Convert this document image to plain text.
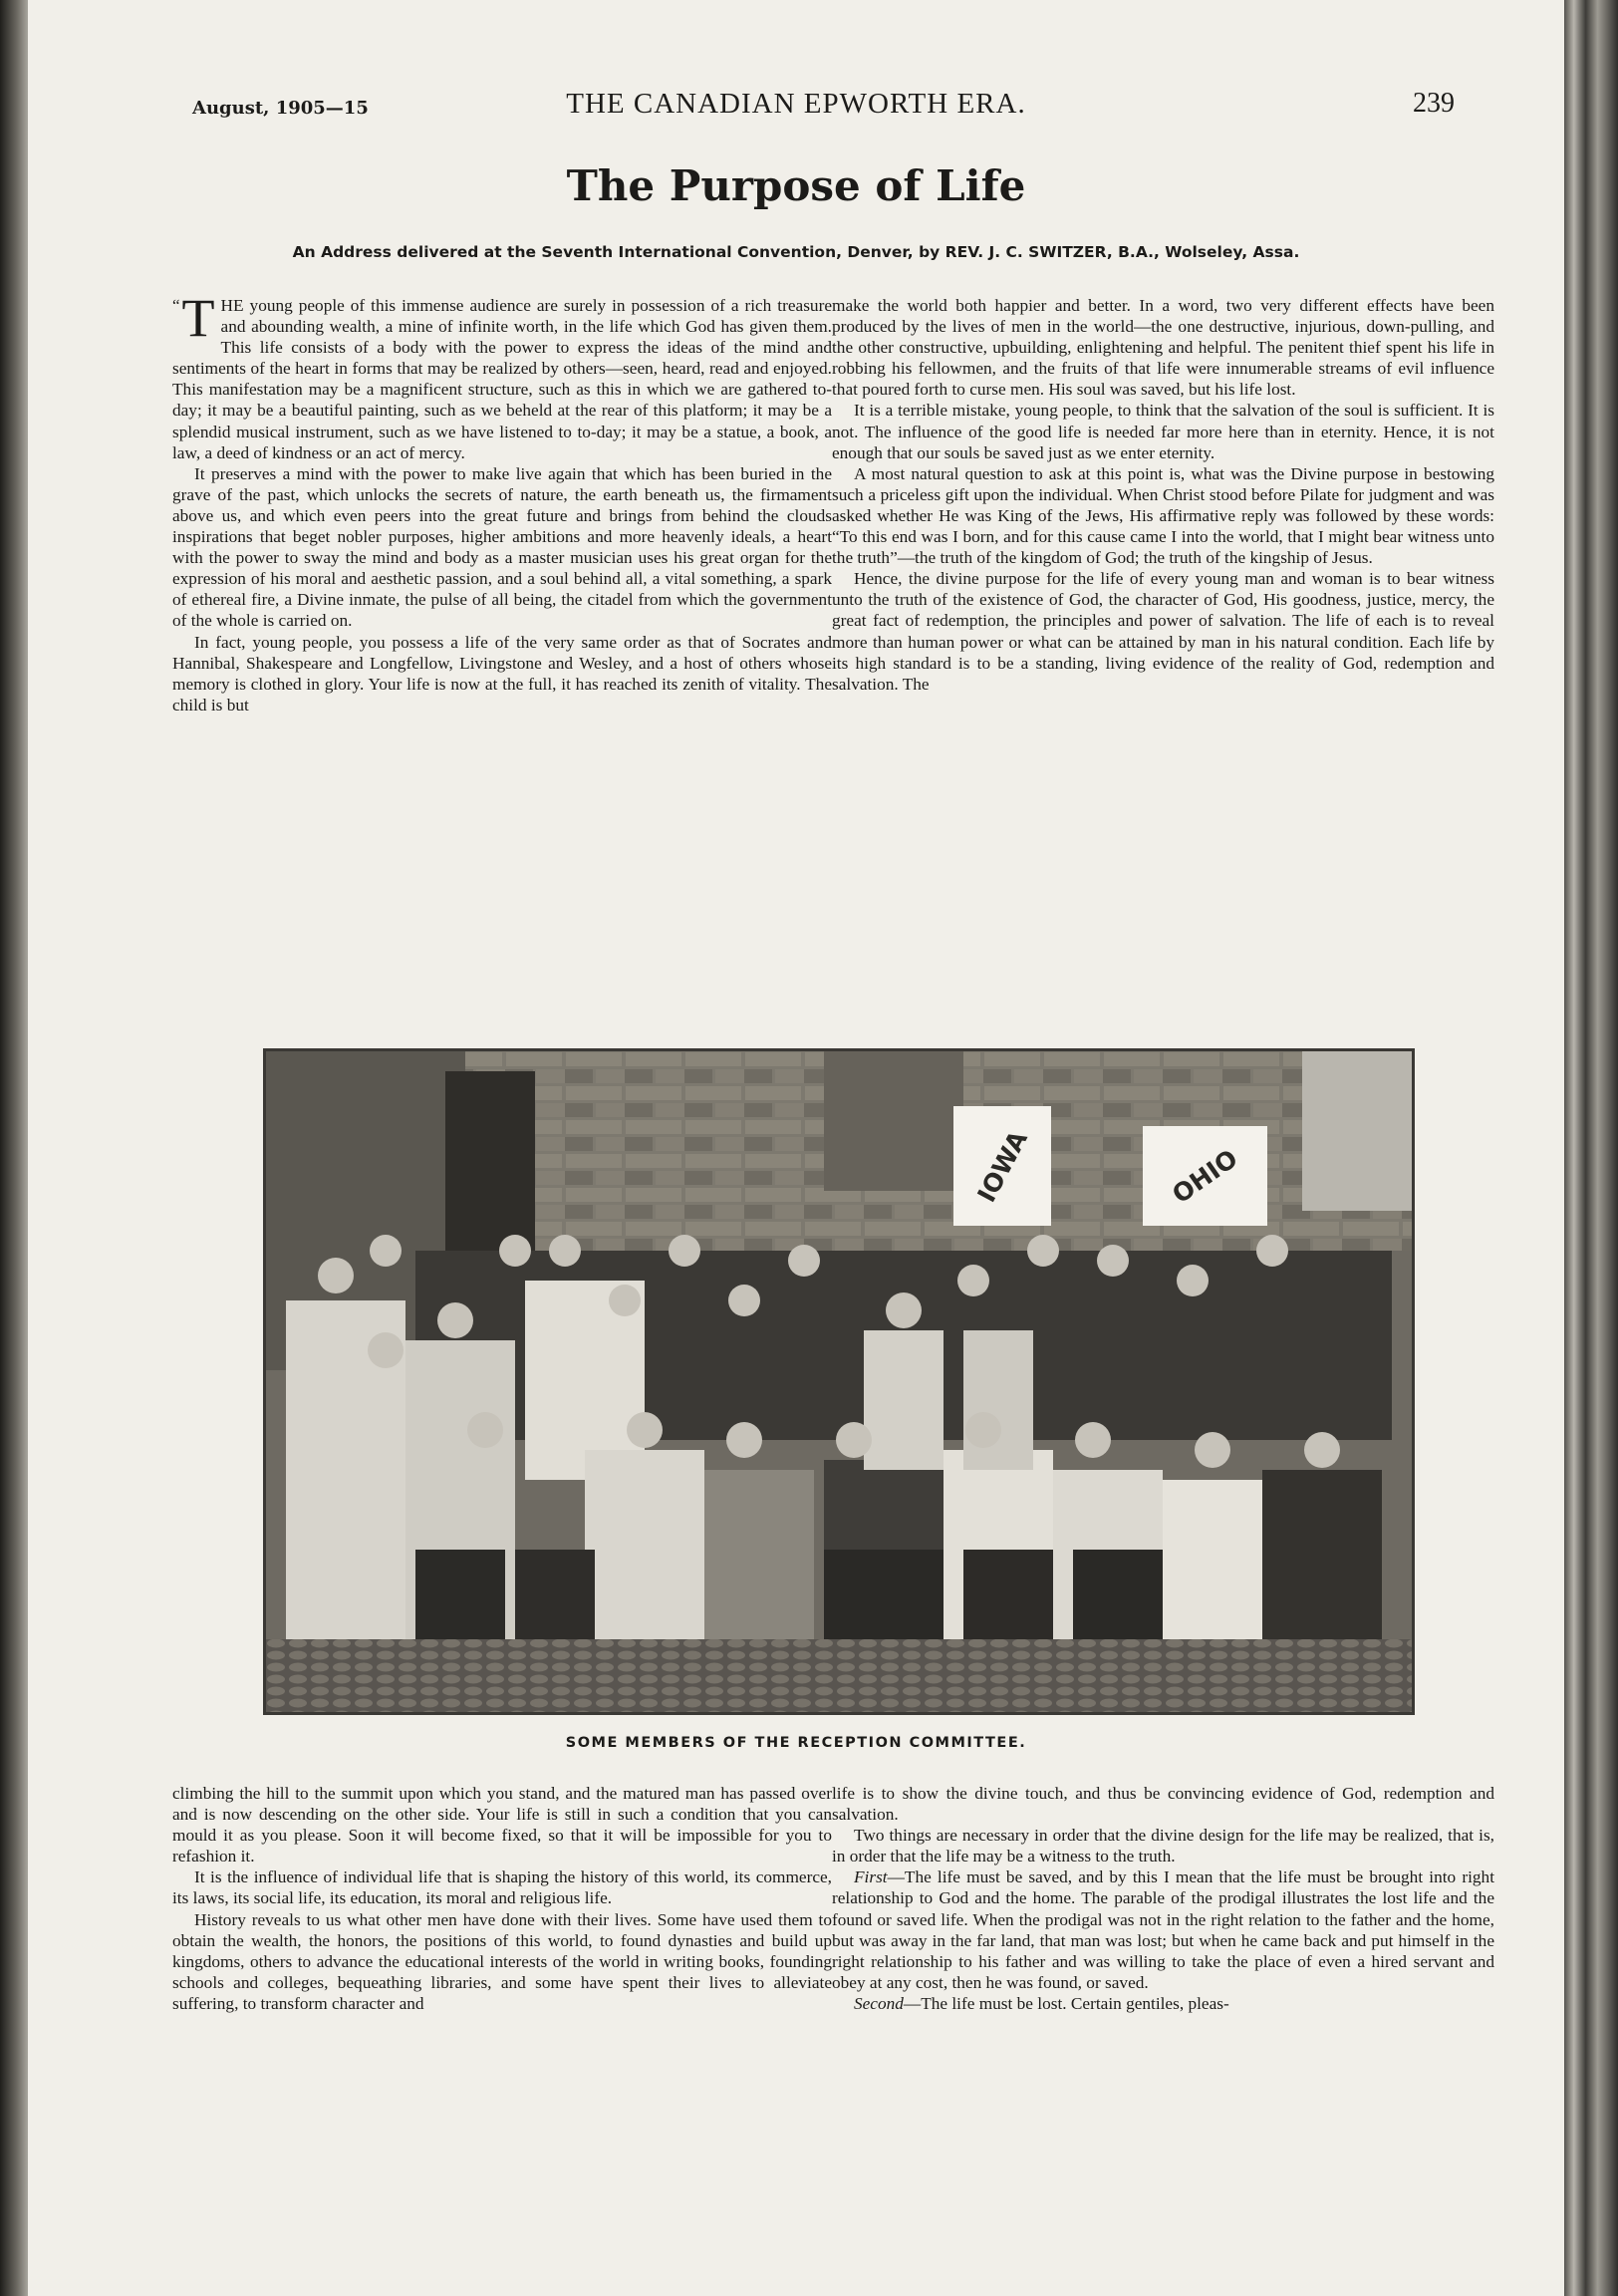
August, 1905—15	THE CANADIAN EPWORTH ERA.	239
The Purpose of Life
An Address delivered at the Seventh International Convention, Denver, by REV. J. C. SWITZER, B.A., Wolseley, Assa.

“ T HE young people of this immense audience are surely in possession of a rich treasure and abounding wealth, a mine of infinite worth, in the life which God has given them. This life consists of a body with the power to express the ideas of the mind and sentiments of the heart in forms that may be realized by others—seen, heard, read and enjoyed. This manifestation may be a magnificent structure, such as this in which we are gathered to-day; it may be a beautiful painting, such as we beheld at the rear of this platform; it may be a splendid musical instrument, such as we have listened to to-day; it may be a statue, a book, a law, a deed of kindness or an act of mercy.

It preserves a mind with the power to make live again that which has been buried in the grave of the past, which unlocks the secrets of nature, the earth beneath us, the firmament above us, and which even peers into the great future and brings from behind the clouds inspirations that beget nobler purposes, higher ambitions and more heavenly ideals, a heart with the power to sway the mind and body as a master musician uses his great organ for the expression of his moral and aesthetic passion, and a soul behind all, a vital something, a spark of ethereal fire, a Divine inmate, the pulse of all being, the citadel from which the government of the whole is carried on.

In fact, young people, you possess a life of the very same order as that of Socrates and Hannibal, Shakespeare and Longfellow, Livingstone and Wesley, and a host of others whose memory is clothed in glory. Your life is now at the full, it has reached its zenith of vitality. The child is but

make the world both happier and better. In a word, two very different effects have been produced by the lives of men in the world—the one destructive, injurious, down-pulling, and the other constructive, upbuilding, enlightening and helpful. The penitent thief spent his life in robbing his fellowmen, and the fruits of that life were innumerable streams of evil influence that poured forth to curse men. His soul was saved, but his life lost.

It is a terrible mistake, young people, to think that the salvation of the soul is sufficient. It is not. The influence of the good life is needed far more here than in eternity. Hence, it is not enough that our souls be saved just as we enter eternity.

A most natural question to ask at this point is, what was the Divine purpose in bestowing such a priceless gift upon the individual. When Christ stood before Pilate for judgment and was asked whether He was King of the Jews, His affirmative reply was followed by these words: “To this end was I born, and for this cause came I into the world, that I might bear witness unto the truth”—the truth of the kingdom of God; the truth of the kingship of Jesus.

Hence, the divine purpose for the life of every young man and woman is to bear witness unto the truth of the existence of God, the character of God, His goodness, justice, mercy, the great fact of redemption, the principles and power of salvation. The life of each is to reveal more than human power or what can be attained by man in his natural condition. Each life by its high standard is to be a standing, living evidence of the reality of God, redemption and salvation. The

IOWA	OHIO
SOME MEMBERS OF THE RECEPTION COMMITTEE.

climbing the hill to the summit upon which you stand, and the matured man has passed over and is now descending on the other side. Your life is still in such a condition that you can mould it as you please. Soon it will become fixed, so that it will be impossible for you to refashion it.

It is the influence of individual life that is shaping the history of this world, its commerce, its laws, its social life, its education, its moral and religious life.

History reveals to us what other men have done with their lives. Some have used them to obtain the wealth, the honors, the positions of this world, to found dynasties and build up kingdoms, others to advance the educational interests of the world in writing books, founding schools and colleges, bequeathing libraries, and some have spent their lives to alleviate suffering, to transform character and

life is to show the divine touch, and thus be convincing evidence of God, redemption and salvation.

Two things are necessary in order that the divine design for the life may be realized, that is, in order that the life may be a witness to the truth.

First—The life must be saved, and by this I mean that the life must be brought into right relationship to God and the home. The parable of the prodigal illustrates the lost life and the found or saved life. When the prodigal was not in the right relation to the father and the home, but was away in the far land, that man was lost; but when he came back and put himself in the right relationship to his father and was willing to take the place of even a hired servant and obey at any cost, then he was found, or saved.

Second—The life must be lost. Certain gentiles, pleas-
